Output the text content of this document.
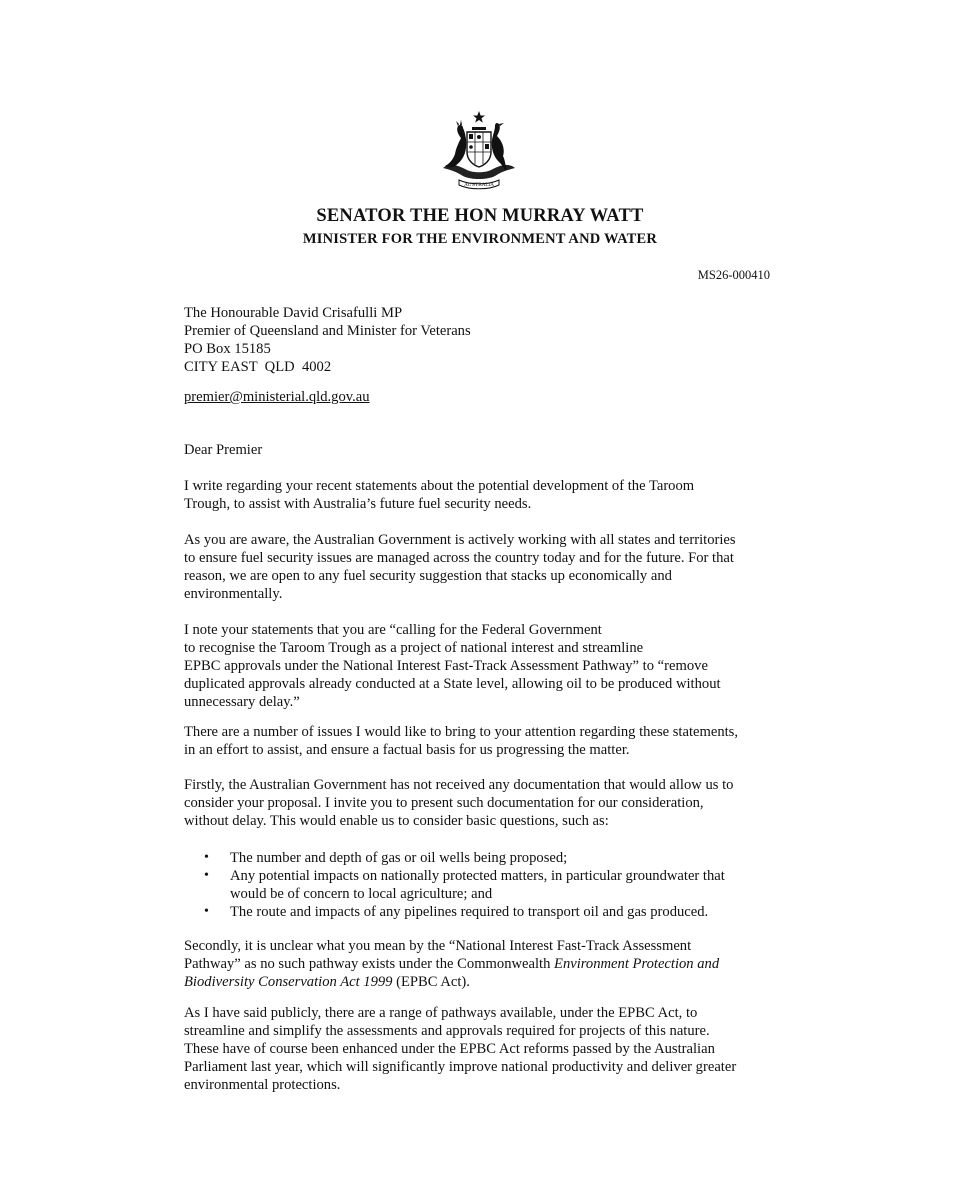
AUSTRALIA
SENATOR THE HON MURRAY WATT
MINISTER FOR THE ENVIRONMENT AND WATER
MS26-000410
The Honourable David Crisafulli MP
Premier of Queensland and Minister for Veterans
PO Box 15185
CITY EAST  QLD  4002
premier@ministerial.qld.gov.au
Dear Premier
I write regarding your recent statements about the potential development of the Taroom
Trough, to assist with Australia’s future fuel security needs.
As you are aware, the Australian Government is actively working with all states and territories
to ensure fuel security issues are managed across the country today and for the future. For that
reason, we are open to any fuel security suggestion that stacks up economically and
environmentally.
I note your statements that you are “calling for the Federal Government
to recognise the Taroom Trough as a project of national interest and streamline
EPBC approvals under the National Interest Fast-Track Assessment Pathway” to “remove
duplicated approvals already conducted at a State level, allowing oil to be produced without
unnecessary delay.”
There are a number of issues I would like to bring to your attention regarding these statements,
in an effort to assist, and ensure a factual basis for us progressing the matter.
Firstly, the Australian Government has not received any documentation that would allow us to
consider your proposal. I invite you to present such documentation for our consideration,
without delay. This would enable us to consider basic questions, such as:
• The number and depth of gas or oil wells being proposed;
• Any potential impacts on nationally protected matters, in particular groundwater that
would be of concern to local agriculture; and
• The route and impacts of any pipelines required to transport oil and gas produced.
Secondly, it is unclear what you mean by the “National Interest Fast-Track Assessment
Pathway” as no such pathway exists under the Commonwealth Environment Protection and
Biodiversity Conservation Act 1999 (EPBC Act).
As I have said publicly, there are a range of pathways available, under the EPBC Act, to
streamline and simplify the assessments and approvals required for projects of this nature.
These have of course been enhanced under the EPBC Act reforms passed by the Australian
Parliament last year, which will significantly improve national productivity and deliver greater
environmental protections.
